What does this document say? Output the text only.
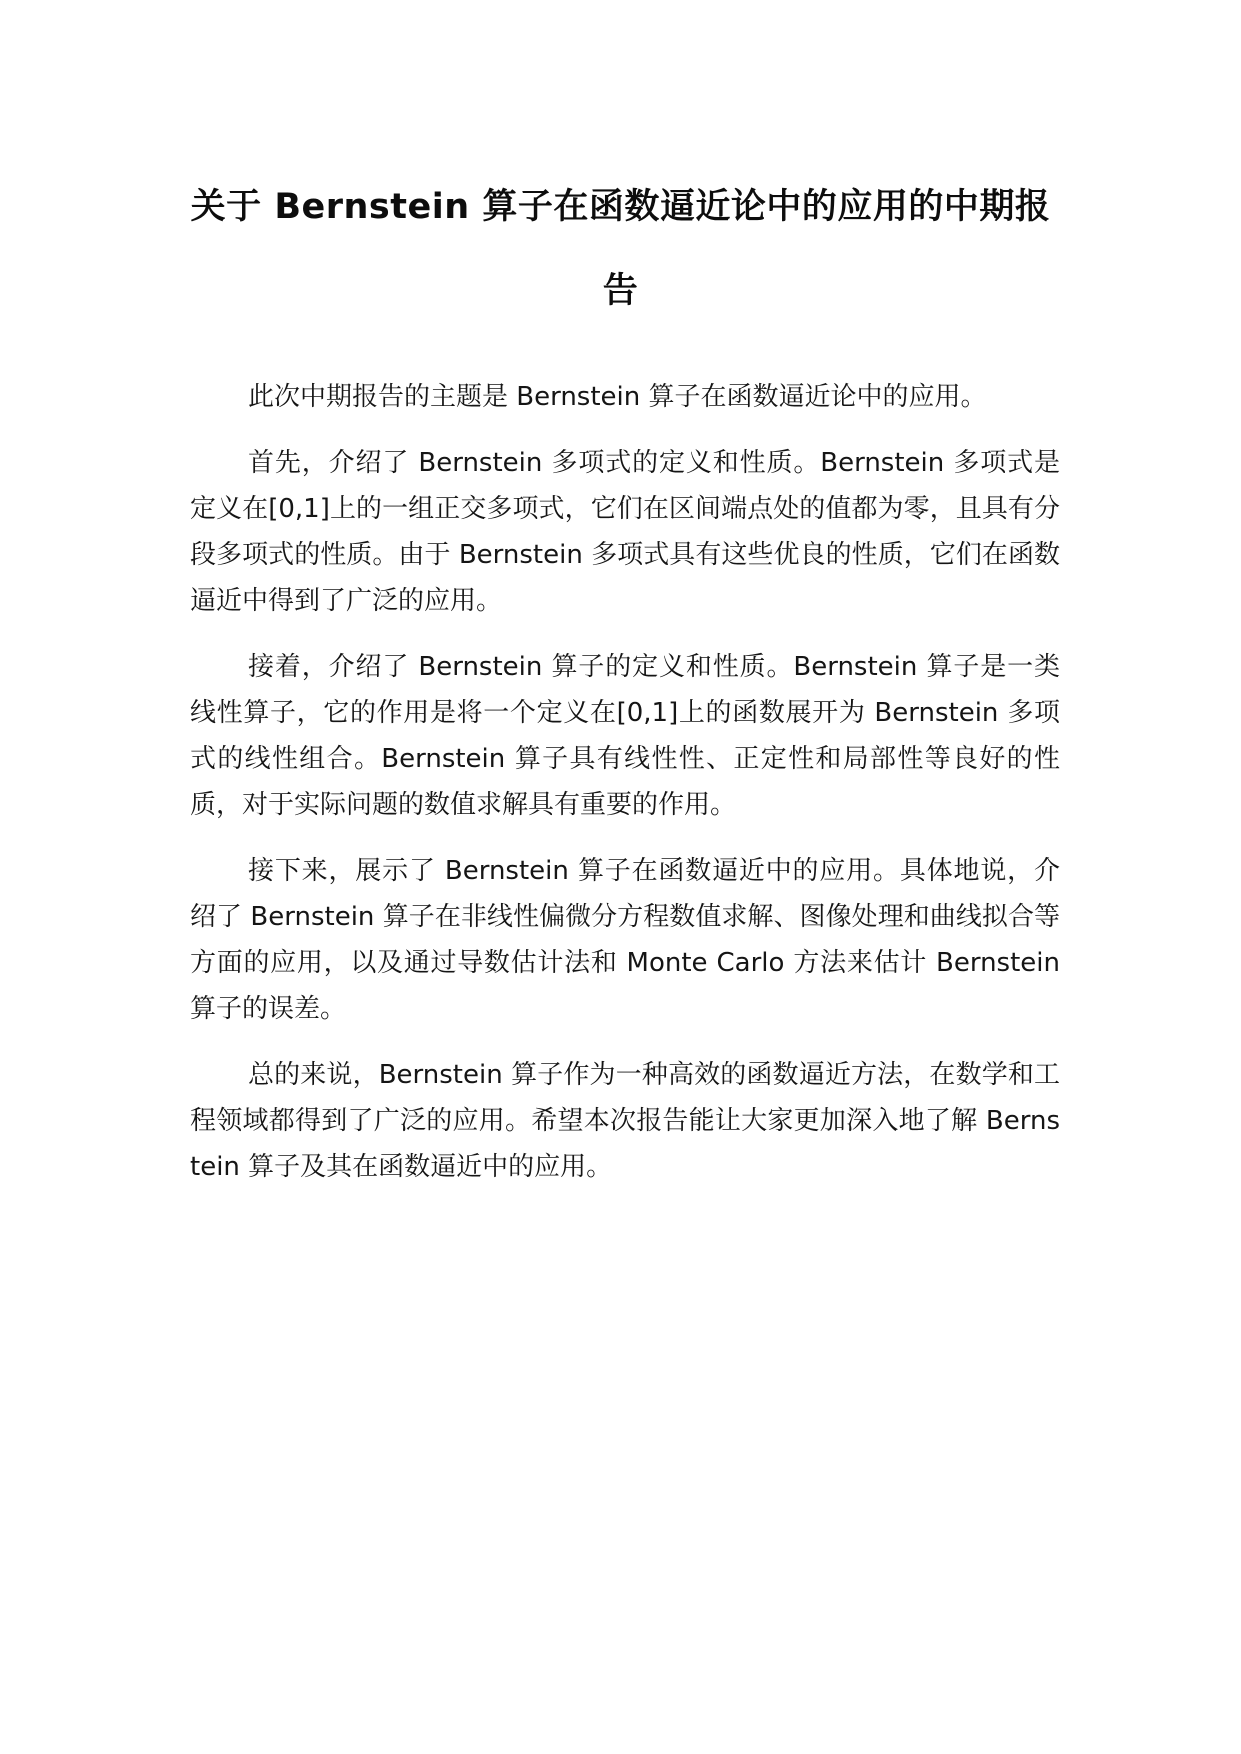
关于 Bernstein 算子在函数逼近论中的应用的中期报告

此次中期报告的主题是 Bernstein 算子在函数逼近论中的应用。

首先，介绍了 Bernstein 多项式的定义和性质。Bernstein 多项式是定义在[0,1]上的一组正交多项式，它们在区间端点处的值都为零，且具有分段多项式的性质。由于 Bernstein 多项式具有这些优良的性质，它们在函数逼近中得到了广泛的应用。

接着，介绍了 Bernstein 算子的定义和性质。Bernstein 算子是一类线性算子，它的作用是将一个定义在[0,1]上的函数展开为 Bernstein 多项式的线性组合。Bernstein 算子具有线性性、正定性和局部性等良好的性质，对于实际问题的数值求解具有重要的作用。

接下来，展示了 Bernstein 算子在函数逼近中的应用。具体地说，介绍了 Bernstein 算子在非线性偏微分方程数值求解、图像处理和曲线拟合等方面的应用，以及通过导数估计法和 Monte Carlo 方法来估计 Bernstein 算子的误差。

总的来说，Bernstein 算子作为一种高效的函数逼近方法，在数学和工程领域都得到了广泛的应用。希望本次报告能让大家更加深入地了解 Bernstein 算子及其在函数逼近中的应用。
